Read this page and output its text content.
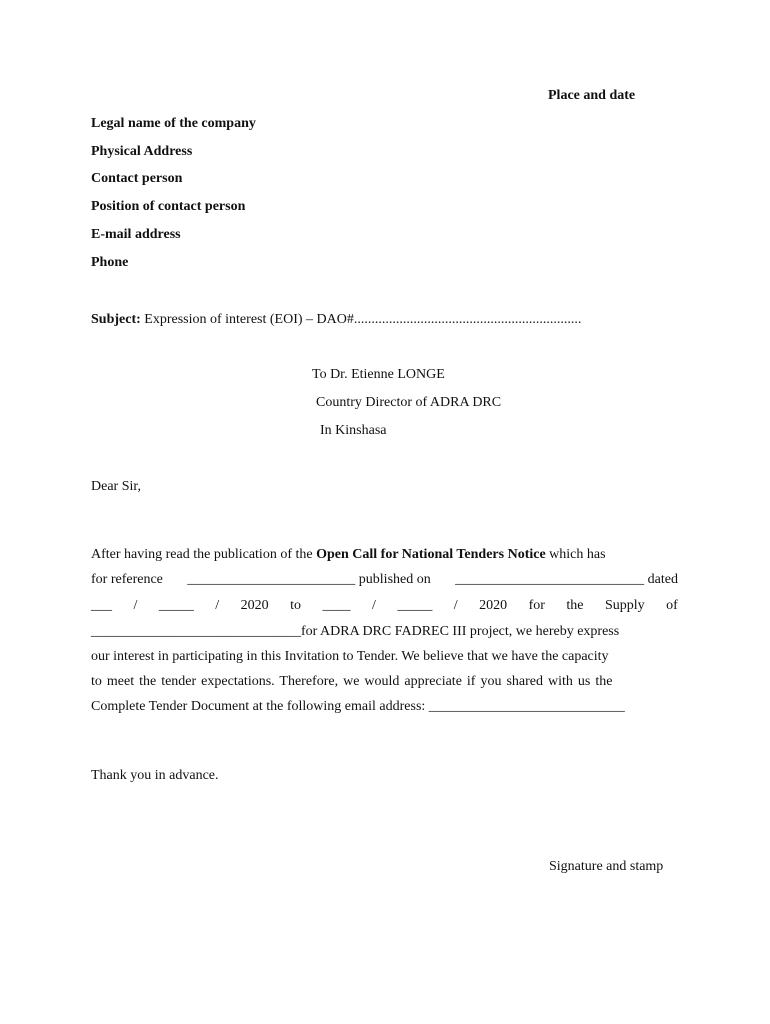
Place and date
Legal name of the company
Physical Address
Contact person
Position of contact person
E-mail address
Phone
Subject: Expression of interest (EOI) – DAO#.................................................................
To Dr. Etienne LONGE
Country Director of ADRA DRC
In Kinshasa
Dear Sir,
After having read the publication of the Open Call for National Tenders Notice which has
for reference ________________________ published on ___________________________ dated
___ / _____ / 2020 to ____ / _____ / 2020 for the Supply of
______________________________for ADRA DRC FADREC III project, we hereby express
our interest in participating in this Invitation to Tender. We believe that we have the capacity
to meet the tender expectations. Therefore, we would appreciate if you shared with us the
Complete Tender Document at the following email address: ____________________________
Thank you in advance.
Signature and stamp
